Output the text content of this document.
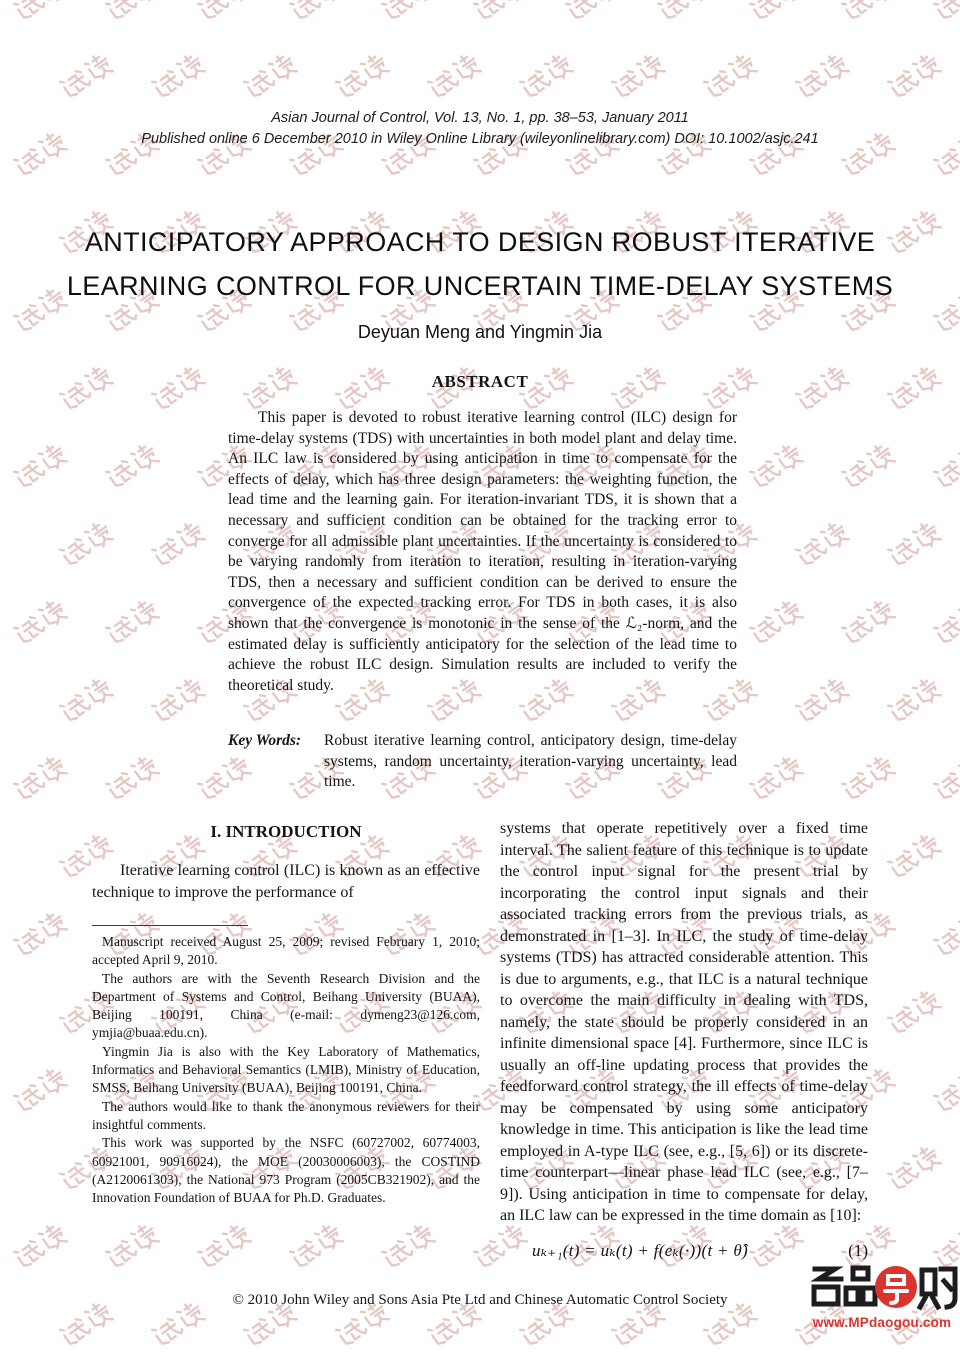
Asian Journal of Control, Vol. 13, No. 1, pp. 38–53, January 2011
Published online 6 December 2010 in Wiley Online Library (wileyonlinelibrary.com) DOI: 10.1002/asjc.241
ANTICIPATORY APPROACH TO DESIGN ROBUST ITERATIVE
LEARNING CONTROL FOR UNCERTAIN TIME-DELAY SYSTEMS
Deyuan Meng and Yingmin Jia
ABSTRACT
This paper is devoted to robust iterative learning control (ILC) design for time-delay systems (TDS) with uncertainties in both model plant and delay time. An ILC law is considered by using anticipation in time to compensate for the effects of delay, which has three design parameters: the weighting function, the lead time and the learning gain. For iteration-invariant TDS, it is shown that a necessary and sufficient condition can be obtained for the tracking error to converge for all admissible plant uncertainties. If the uncertainty is considered to be varying randomly from iteration to iteration, resulting in iteration-varying TDS, then a necessary and sufficient condition can be derived to ensure the convergence of the expected tracking error. For TDS in both cases, it is also shown that the convergence is monotonic in the sense of the ℒ₂-norm, and the estimated delay is sufficiently anticipatory for the selection of the lead time to achieve the robust ILC design. Simulation results are included to verify the theoretical study.
Key Words: Robust iterative learning control, anticipatory design, time-delay systems, random uncertainty, iteration-varying uncertainty, lead time.
I. INTRODUCTION

Iterative learning control (ILC) is known as an effective technique to improve the performance of

Manuscript received August 25, 2009; revised February 1, 2010; accepted April 9, 2010.

The authors are with the Seventh Research Division and the Department of Systems and Control, Beihang University (BUAA), Beijing 100191, China (e-mail: dymeng23@126.com, ymjia@buaa.edu.cn).

Yingmin Jia is also with the Key Laboratory of Mathematics, Informatics and Behavioral Semantics (LMIB), Ministry of Education, SMSS, Beihang University (BUAA), Beijing 100191, China.

The authors would like to thank the anonymous reviewers for their insightful comments.

This work was supported by the NSFC (60727002, 60774003, 60921001, 90916024), the MOE (20030006003), the COSTIND (A2120061303), the National 973 Program (2005CB321902), and the Innovation Foundation of BUAA for Ph.D. Graduates.

systems that operate repetitively over a fixed time interval. The salient feature of this technique is to update the control input signal for the present trial by incorporating the control input signals and their associated tracking errors from the previous trials, as demonstrated in [1–3]. In ILC, the study of time-delay systems (TDS) has attracted considerable attention. This is due to arguments, e.g., that ILC is a natural technique to overcome the main difficulty in dealing with TDS, namely, the state should be properly considered in an infinite dimensional space [4]. Furthermore, since ILC is usually an off-line updating process that provides the feedforward control strategy, the ill effects of time-delay may be compensated by using some anticipatory knowledge in time. This anticipation is like the lead time employed in A-type ILC (see, e.g., [5, 6]) or its discrete-time counterpart—linear phase lead ILC (see, e.g., [7–9]). Using anticipation in time to compensate for delay, an ILC law can be expressed in the time domain as [10]:

uₖ₊₁(t) = uₖ(t) + f(eₖ(·))(t + θ̂)	(1)
© 2010 John Wiley and Sons Asia Pte Ltd and Chinese Automatic Control Society
www.MPdaogou.com
